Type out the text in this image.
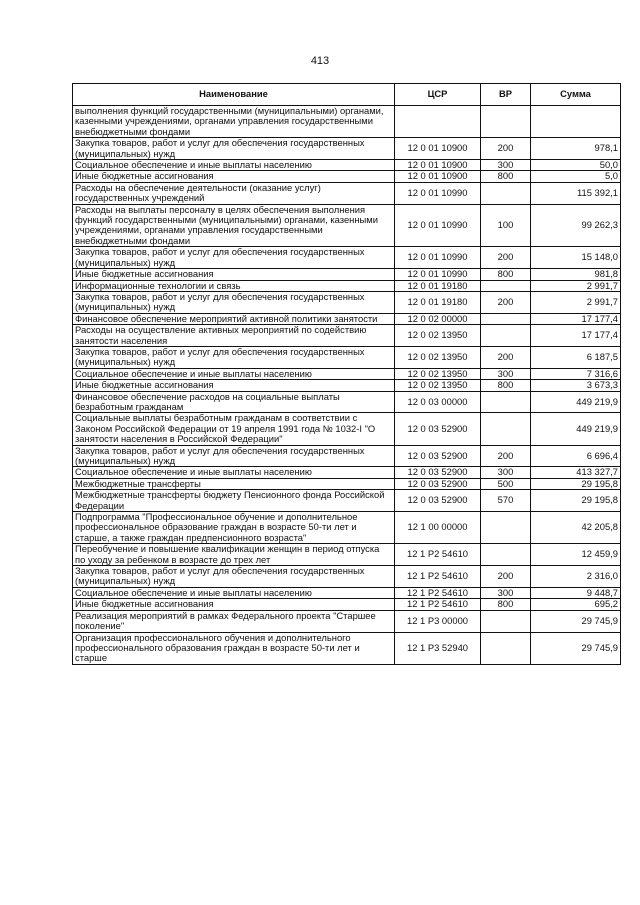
413
Наименование	ЦСР	ВР	Сумма
выполнения функций государственными (муниципальными) органами, казенными учреждениями, органами управления государственными внебюджетными фондами			
Закупка товаров, работ и услуг для обеспечения государственных (муниципальных) нужд	12 0 01 10900	200	978,1
Социальное обеспечение и иные выплаты населению	12 0 01 10900	300	50,0
Иные бюджетные ассигнования	12 0 01 10900	800	5,0
Расходы на обеспечение деятельности (оказание услуг) государственных учреждений	12 0 01 10990		115 392,1
Расходы на выплаты персоналу в целях обеспечения выполнения функций государственными (муниципальными) органами, казенными учреждениями, органами управления государственными внебюджетными фондами	12 0 01 10990	100	99 262,3
Закупка товаров, работ и услуг для обеспечения государственных (муниципальных) нужд	12 0 01 10990	200	15 148,0
Иные бюджетные ассигнования	12 0 01 10990	800	981,8
Информационные технологии и связь	12 0 01 19180		2 991,7
Закупка товаров, работ и услуг для обеспечения государственных (муниципальных) нужд	12 0 01 19180	200	2 991,7
Финансовое обеспечение мероприятий активной политики занятости	12 0 02 00000		17 177,4
Расходы на осуществление активных мероприятий по содействию занятости населения	12 0 02 13950		17 177,4
Закупка товаров, работ и услуг для обеспечения государственных (муниципальных) нужд	12 0 02 13950	200	6 187,5
Социальное обеспечение и иные выплаты населению	12 0 02 13950	300	7 316,6
Иные бюджетные ассигнования	12 0 02 13950	800	3 673,3
Финансовое обеспечение расходов на социальные выплаты безработным гражданам	12 0 03 00000		449 219,9
Социальные выплаты безработным гражданам в соответствии с Законом Российской Федерации от 19 апреля 1991 года № 1032-I "О занятости населения в Российской Федерации"	12 0 03 52900		449 219,9
Закупка товаров, работ и услуг для обеспечения государственных (муниципальных) нужд	12 0 03 52900	200	6 696,4
Социальное обеспечение и иные выплаты населению	12 0 03 52900	300	413 327,7
Межбюджетные трансферты	12 0 03 52900	500	29 195,8
Межбюджетные трансферты бюджету Пенсионного фонда Российской Федерации	12 0 03 52900	570	29 195,8
Подпрограмма "Профессиональное обучение и дополнительное профессиональное образование граждан в возрасте 50-ти лет и старше, а также граждан предпенсионного возраста"	12 1 00 00000		42 205,8
Переобучение и повышение квалификации женщин в период отпуска по уходу за ребенком в возрасте до трех лет	12 1 P2 54610		12 459,9
Закупка товаров, работ и услуг для обеспечения государственных (муниципальных) нужд	12 1 P2 54610	200	2 316,0
Социальное обеспечение и иные выплаты населению	12 1 P2 54610	300	9 448,7
Иные бюджетные ассигнования	12 1 P2 54610	800	695,2
Реализация мероприятий в рамках Федерального проекта "Старшее поколение"	12 1 P3 00000		29 745,9
Организация профессионального обучения и дополнительного профессионального образования граждан в возрасте 50-ти лет и старше	12 1 P3 52940		29 745,9
